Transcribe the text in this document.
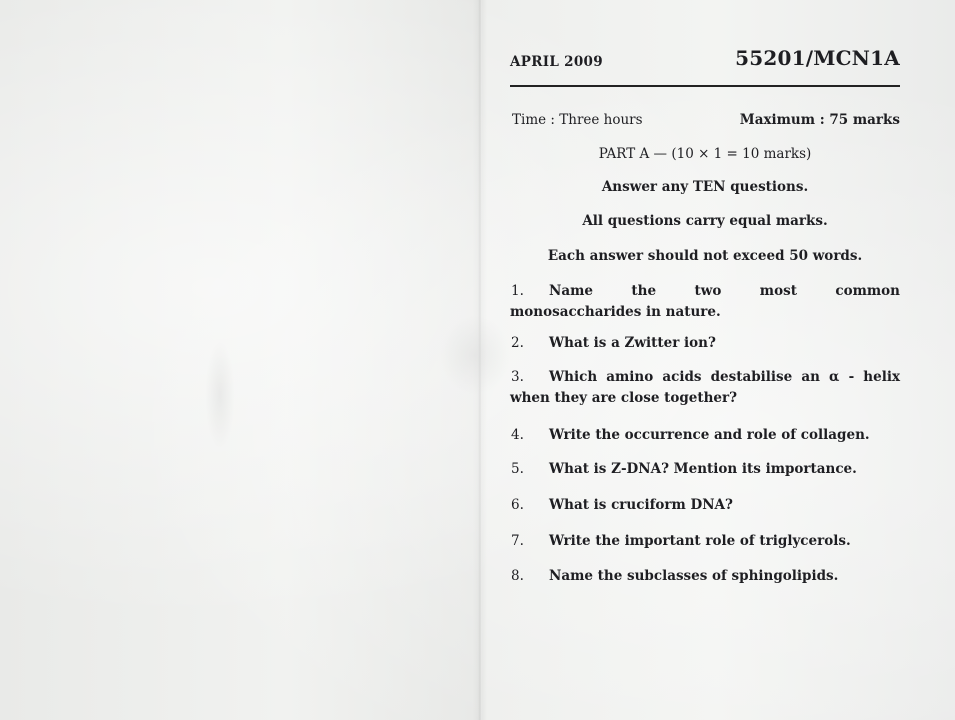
APRIL 2009	55201/MCN1A
Time : Three hours	Maximum : 75 marks
PART A — (10 × 1 = 10 marks)
Answer any TEN questions.
All questions carry equal marks.
Each answer should not exceed 50 words.
1. Name the two most common monosaccharides in nature.
2. What is a Zwitter ion?
3. Which amino acids destabilise an α - helix when they are close together?
4. Write the occurrence and role of collagen.
5. What is Z-DNA? Mention its importance.
6. What is cruciform DNA?
7. Write the important role of triglycerols.
8. Name the subclasses of sphingolipids.
